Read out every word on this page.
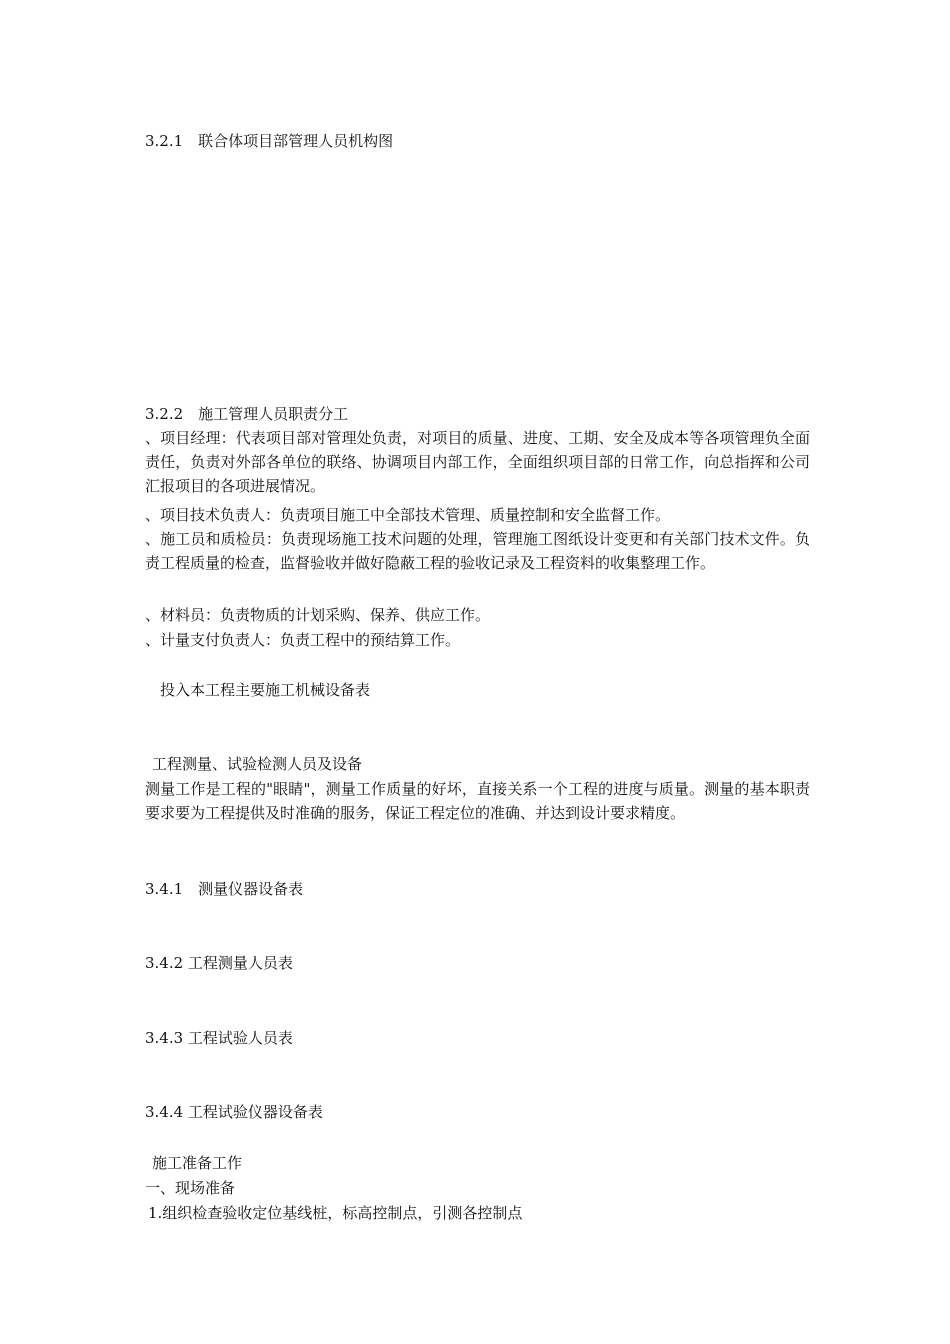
3.2.1　联合体项目部管理人员机构图
3.2.2　施工管理人员职责分工
、项目经理：代表项目部对管理处负责，对项目的质量、进度、工期、安全及成本等各项管理负全面责任，负责对外部各单位的联络、协调项目内部工作，全面组织项目部的日常工作，向总指挥和公司汇报项目的各项进展情况。
、项目技术负责人：负责项目施工中全部技术管理、质量控制和安全监督工作。
、施工员和质检员：负责现场施工技术问题的处理，管理施工图纸设计变更和有关部门技术文件。负责工程质量的检查，监督验收并做好隐蔽工程的验收记录及工程资料的收集整理工作。
、材料员：负责物质的计划采购、保养、供应工作。
、计量支付负责人：负责工程中的预结算工作。
投入本工程主要施工机械设备表
工程测量、试验检测人员及设备
测量工作是工程的"眼睛"，测量工作质量的好坏，直接关系一个工程的进度与质量。测量的基本职责要求要为工程提供及时准确的服务，保证工程定位的准确、并达到设计要求精度。
3.4.1　测量仪器设备表
3.4.2 工程测量人员表
3.4.3 工程试验人员表
3.4.4 工程试验仪器设备表
施工准备工作
一、现场准备
1.组织检查验收定位基线桩，标高控制点，引测各控制点
